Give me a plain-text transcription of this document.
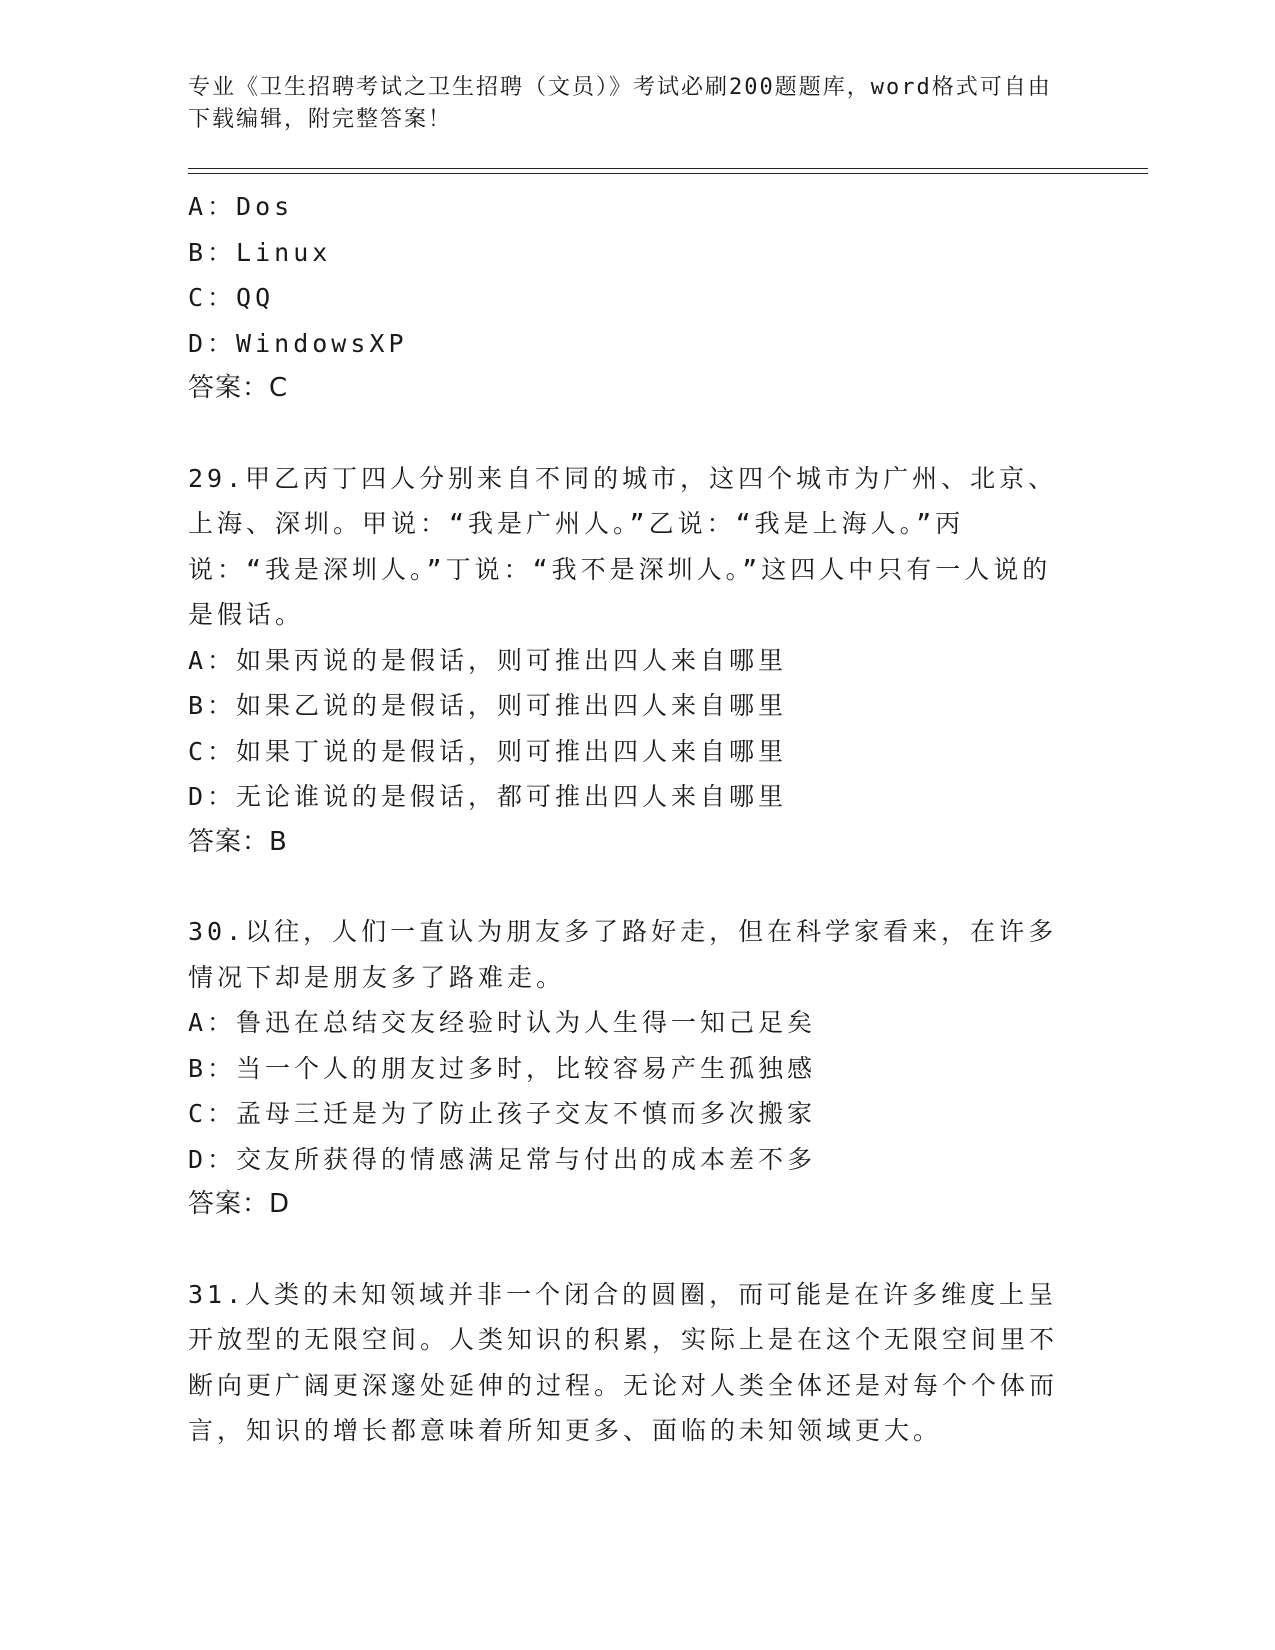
专业《卫生招聘考试之卫生招聘（文员）》考试必刷200题题库，word格式可自由下载编辑，附完整答案！

A：Dos
B：Linux
C：QQ
D：WindowsXP
答案：C

29.甲乙丙丁四人分别来自不同的城市，这四个城市为广州、北京、上海、深圳。甲说：“我是广州人。”乙说：“我是上海人。”丙说：“我是深圳人。”丁说：“我不是深圳人。”这四人中只有一人说的是假话。

A：如果丙说的是假话，则可推出四人来自哪里
B：如果乙说的是假话，则可推出四人来自哪里
C：如果丁说的是假话，则可推出四人来自哪里
D：无论谁说的是假话，都可推出四人来自哪里
答案：B

30.以往，人们一直认为朋友多了路好走，但在科学家看来，在许多情况下却是朋友多了路难走。

A：鲁迅在总结交友经验时认为人生得一知己足矣
B：当一个人的朋友过多时，比较容易产生孤独感
C：孟母三迁是为了防止孩子交友不慎而多次搬家
D：交友所获得的情感满足常与付出的成本差不多
答案：D

31.人类的未知领域并非一个闭合的圆圈，而可能是在许多维度上呈开放型的无限空间。人类知识的积累，实际上是在这个无限空间里不断向更广阔更深邃处延伸的过程。无论对人类全体还是对每个个体而言，知识的增长都意味着所知更多、面临的未知领域更大。
